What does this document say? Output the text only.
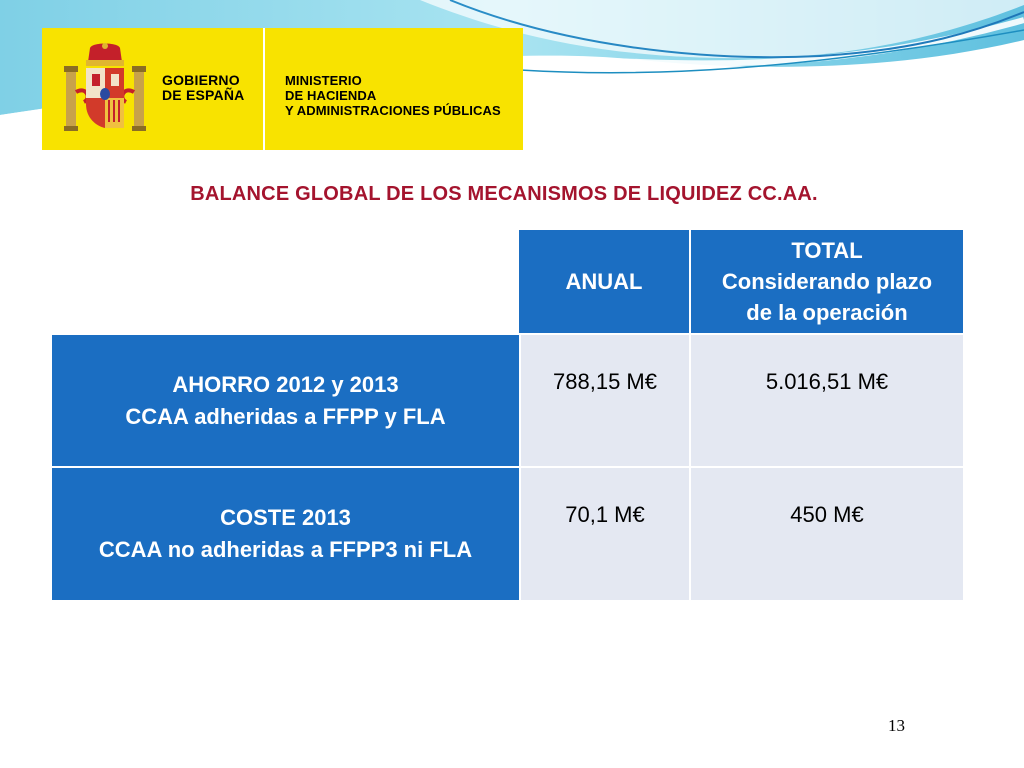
GOBIERNO
DE ESPAÑA
MINISTERIO
DE HACIENDA
Y ADMINISTRACIONES PÚBLICAS
BALANCE GLOBAL DE LOS MECANISMOS DE LIQUIDEZ CC.AA.
ANUAL
TOTAL
Considerando plazo
de la operación
AHORRO 2012 y 2013
CCAA adheridas a FFPP y FLA
788,15 M€	5.016,51 M€
COSTE 2013
CCAA no adheridas a FFPP3 ni FLA
70,1 M€	450 M€
13
